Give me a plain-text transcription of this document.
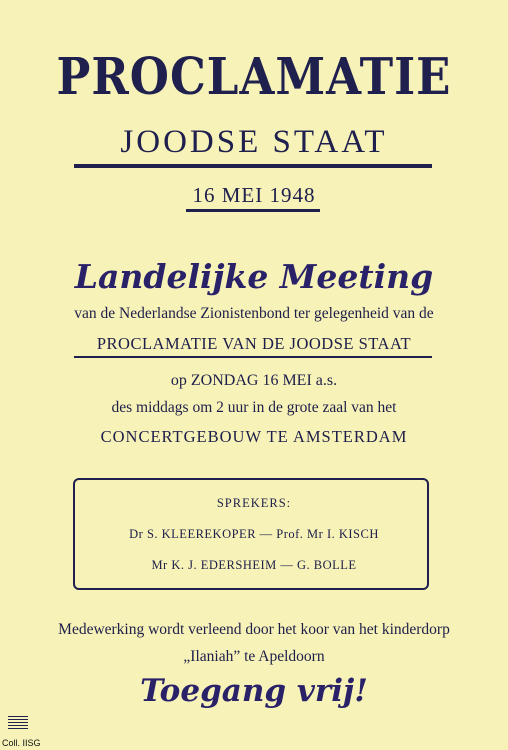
PROCLAMATIE
JOODSE STAAT
16 MEI 1948
Landelijke Meeting
van de Nederlandse Zionistenbond ter gelegenheid van de
PROCLAMATIE VAN DE JOODSE STAAT
op ZONDAG 16 MEI a.s.
des middags om 2 uur in de grote zaal van het
CONCERTGEBOUW TE AMSTERDAM
SPREKERS:
Dr S. KLEEREKOPER — Prof. Mr I. KISCH
Mr K. J. EDERSHEIM — G. BOLLE
Medewerking wordt verleend door het koor van het kinderdorp
„Ilaniah” te Apeldoorn
Toegang vrij!
Coll. IISG
